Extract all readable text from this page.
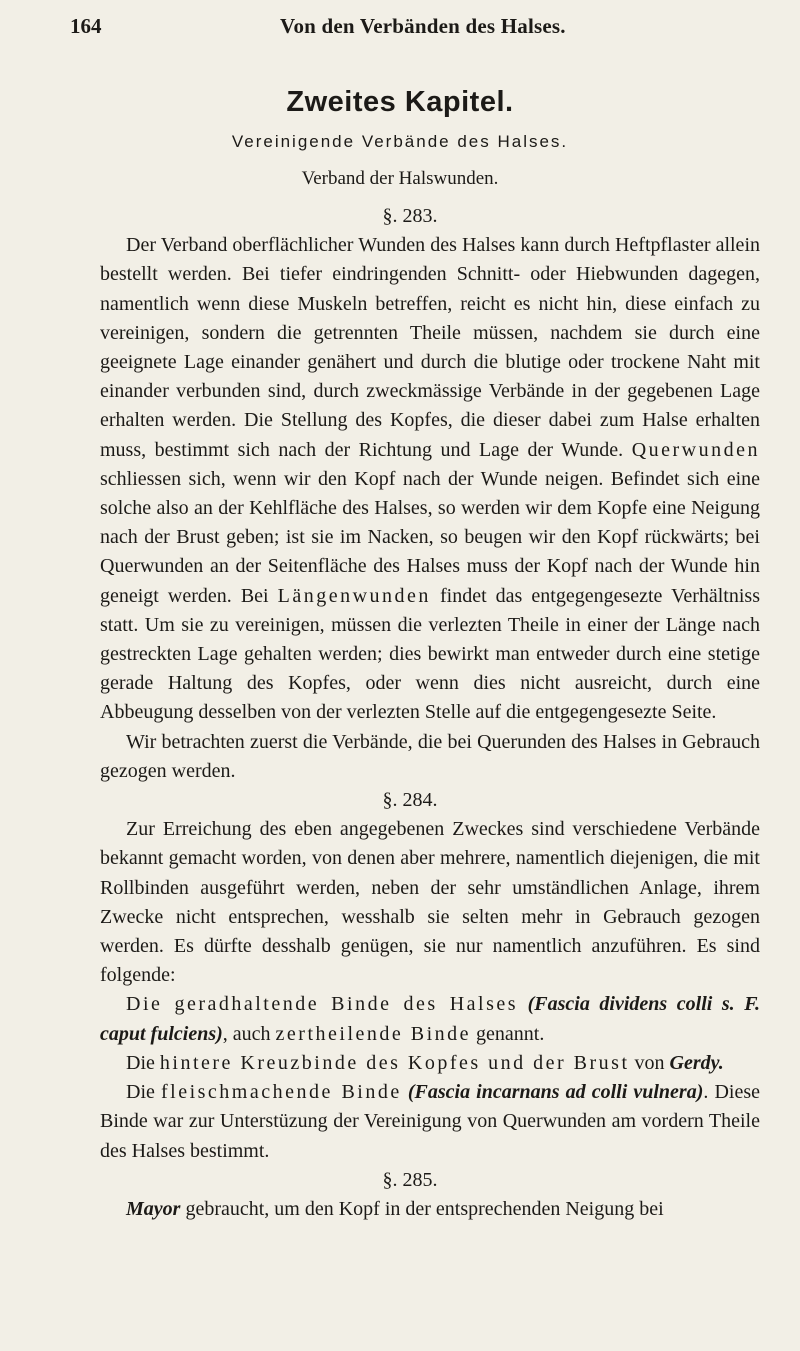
164	Von den Verbänden des Halses.
Zweites Kapitel.
Vereinigende Verbände des Halses.
Verband der Halswunden.

§. 283.

Der Verband oberflächlicher Wunden des Halses kann durch Heftpflaster allein bestellt werden. Bei tiefer eindringenden Schnitt- oder Hiebwunden dagegen, namentlich wenn diese Muskeln betreffen, reicht es nicht hin, diese einfach zu vereinigen, sondern die getrennten Theile müssen, nachdem sie durch eine geeignete Lage einander genähert und durch die blutige oder trockene Naht mit einander verbunden sind, durch zweckmässige Verbände in der gegebenen Lage erhalten werden. Die Stellung des Kopfes, die dieser dabei zum Halse erhalten muss, bestimmt sich nach der Richtung und Lage der Wunde. Querwunden schliessen sich, wenn wir den Kopf nach der Wunde neigen. Befindet sich eine solche also an der Kehlfläche des Halses, so werden wir dem Kopfe eine Neigung nach der Brust geben; ist sie im Nacken, so beugen wir den Kopf rückwärts; bei Querwunden an der Seitenfläche des Halses muss der Kopf nach der Wunde hin geneigt werden. Bei Längenwunden findet das entgegengesezte Verhältniss statt. Um sie zu vereinigen, müssen die verlezten Theile in einer der Länge nach gestreckten Lage gehalten werden; dies bewirkt man entweder durch eine stetige gerade Haltung des Kopfes, oder wenn dies nicht ausreicht, durch eine Abbeugung desselben von der verlezten Stelle auf die entgegengesezte Seite.

Wir betrachten zuerst die Verbände, die bei Querunden des Halses in Gebrauch gezogen werden.

§. 284.

Zur Erreichung des eben angegebenen Zweckes sind verschiedene Verbände bekannt gemacht worden, von denen aber mehrere, namentlich diejenigen, die mit Rollbinden ausgeführt werden, neben der sehr umständlichen Anlage, ihrem Zwecke nicht entsprechen, wesshalb sie selten mehr in Gebrauch gezogen werden. Es dürfte desshalb genügen, sie nur namentlich anzuführen. Es sind folgende:

Die geradhaltende Binde des Halses (Fascia dividens colli s. F. caput fulciens), auch zertheilende Binde genannt.

Die hintere Kreuzbinde des Kopfes und der Brust von Gerdy.

Die fleischmachende Binde (Fascia incarnans ad colli vulnera). Diese Binde war zur Unterstüzung der Vereinigung von Querwunden am vordern Theile des Halses bestimmt.

§. 285.

Mayor gebraucht, um den Kopf in der entsprechenden Neigung bei
